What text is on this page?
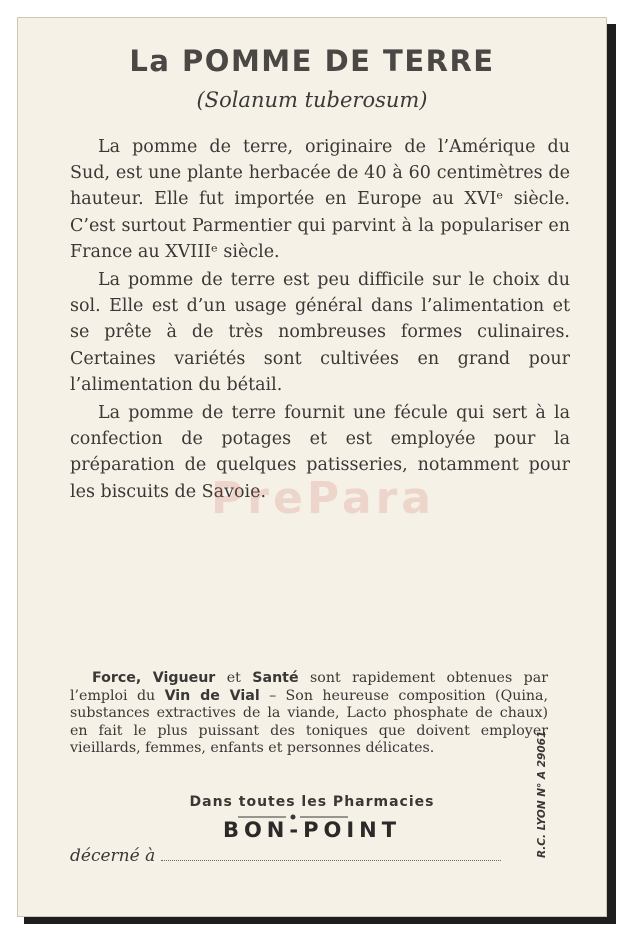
La POMME DE TERRE
(Solanum tuberosum)

La pomme de terre, originaire de l’Amérique du Sud, est une plante herbacée de 40 à 60 centimètres de hauteur. Elle fut importée en Europe au XVIᵉ siècle. C’est surtout Parmentier qui parvint à la populariser en France au XVIIIᵉ siècle.

La pomme de terre est peu difficile sur le choix du sol. Elle est d’un usage général dans l’alimentation et se prête à de très nombreuses formes culinaires. Certaines variétés sont cultivées en grand pour l’alimentation du bétail.

La pomme de terre fournit une fécule qui sert à la confection de potages et est employée pour la préparation de quelques patisseries, notamment pour les biscuits de Savoie.

PrePara

Force, Vigueur et Santé sont rapidement obtenues par l’emploi du Vin de Vial – Son heureuse composition (Quina, substances extractives de la viande, Lacto phosphate de chaux) en fait le plus puissant des toniques que doivent employer vieillards, femmes, enfants et personnes délicates.

Dans toutes les Pharmacies
BON-POINT
décerné à	R.C. LYON N° A 29061
